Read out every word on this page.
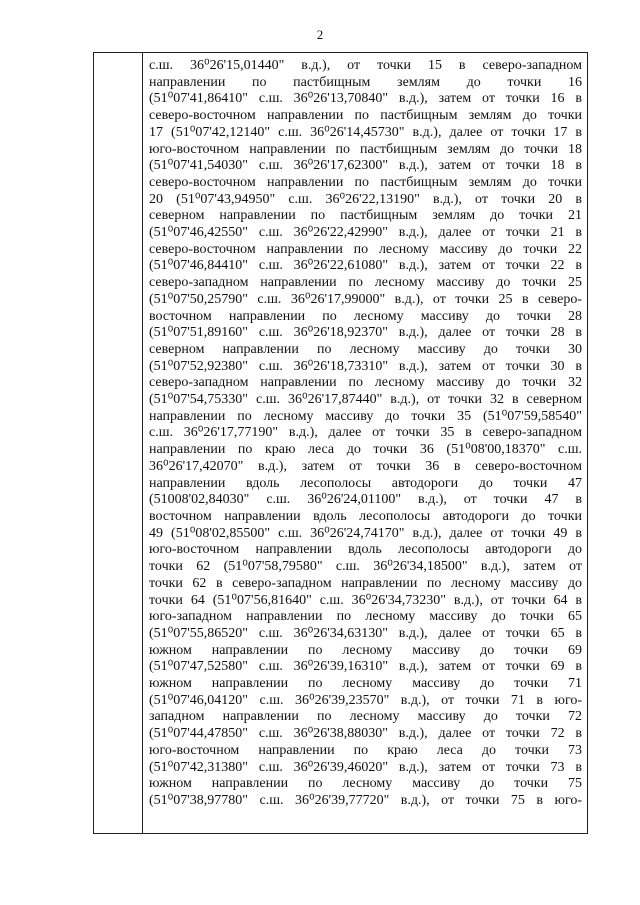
2
с.ш. 36⁰26'15,01440" в.д.), от точки 15 в северо-западном
направлении по пастбищным землям до точки 16
(51⁰07'41,86410" с.ш. 36⁰26'13,70840" в.д.), затем от точки 16 в
северо-восточном направлении по пастбищным землям до точки
17 (51⁰07'42,12140" с.ш. 36⁰26'14,45730" в.д.), далее от точки 17 в
юго-восточном направлении по пастбищным землям до точки 18
(51⁰07'41,54030" с.ш. 36⁰26'17,62300" в.д.), затем от точки 18 в
северо-восточном направлении по пастбищным землям до точки
20 (51⁰07'43,94950" с.ш. 36⁰26'22,13190" в.д.), от точки 20 в
северном направлении по пастбищным землям до точки 21
(51⁰07'46,42550" с.ш. 36⁰26'22,42990" в.д.), далее от точки 21 в
северо-восточном направлении по лесному массиву до точки 22
(51⁰07'46,84410" с.ш. 36⁰26'22,61080" в.д.), затем от точки 22 в
северо-западном направлении по лесному массиву до точки 25
(51⁰07'50,25790" с.ш. 36⁰26'17,99000" в.д.), от точки 25 в северо-
восточном направлении по лесному массиву до точки 28
(51⁰07'51,89160" с.ш. 36⁰26'18,92370" в.д.), далее от точки 28 в
северном направлении по лесному массиву до точки 30
(51⁰07'52,92380" с.ш. 36⁰26'18,73310" в.д.), затем от точки 30 в
северо-западном направлении по лесному массиву до точки 32
(51⁰07'54,75330" с.ш. 36⁰26'17,87440" в.д.), от точки 32 в северном
направлении по лесному массиву до точки 35 (51⁰07'59,58540"
с.ш. 36⁰26'17,77190" в.д.), далее от точки 35 в северо-западном
направлении по краю леса до точки 36 (51⁰08'00,18370" с.ш.
36⁰26'17,42070" в.д.), затем от точки 36 в северо-восточном
направлении вдоль лесополосы автодороги до точки 47
(51008'02,84030" с.ш. 36⁰26'24,01100" в.д.), от точки 47 в
восточном направлении вдоль лесополосы автодороги до точки
49 (51⁰08'02,85500" с.ш. 36⁰26'24,74170" в.д.), далее от точки 49 в
юго-восточном направлении вдоль лесополосы автодороги до
точки 62 (51⁰07'58,79580" с.ш. 36⁰26'34,18500" в.д.), затем от
точки 62 в северо-западном направлении по лесному массиву до
точки 64 (51⁰07'56,81640" с.ш. 36⁰26'34,73230" в.д.), от точки 64 в
юго-западном направлении по лесному массиву до точки 65
(51⁰07'55,86520" с.ш. 36⁰26'34,63130" в.д.), далее от точки 65 в
южном направлении по лесному массиву до точки 69
(51⁰07'47,52580" с.ш. 36⁰26'39,16310" в.д.), затем от точки 69 в
южном направлении по лесному массиву до точки 71
(51⁰07'46,04120" с.ш. 36⁰26'39,23570" в.д.), от точки 71 в юго-
западном направлении по лесному массиву до точки 72
(51⁰07'44,47850" с.ш. 36⁰26'38,88030" в.д.), далее от точки 72 в
юго-восточном направлении по краю леса до точки 73
(51⁰07'42,31380" с.ш. 36⁰26'39,46020" в.д.), затем от точки 73 в
южном направлении по лесному массиву до точки 75
(51⁰07'38,97780" с.ш. 36⁰26'39,77720" в.д.), от точки 75 в юго-
